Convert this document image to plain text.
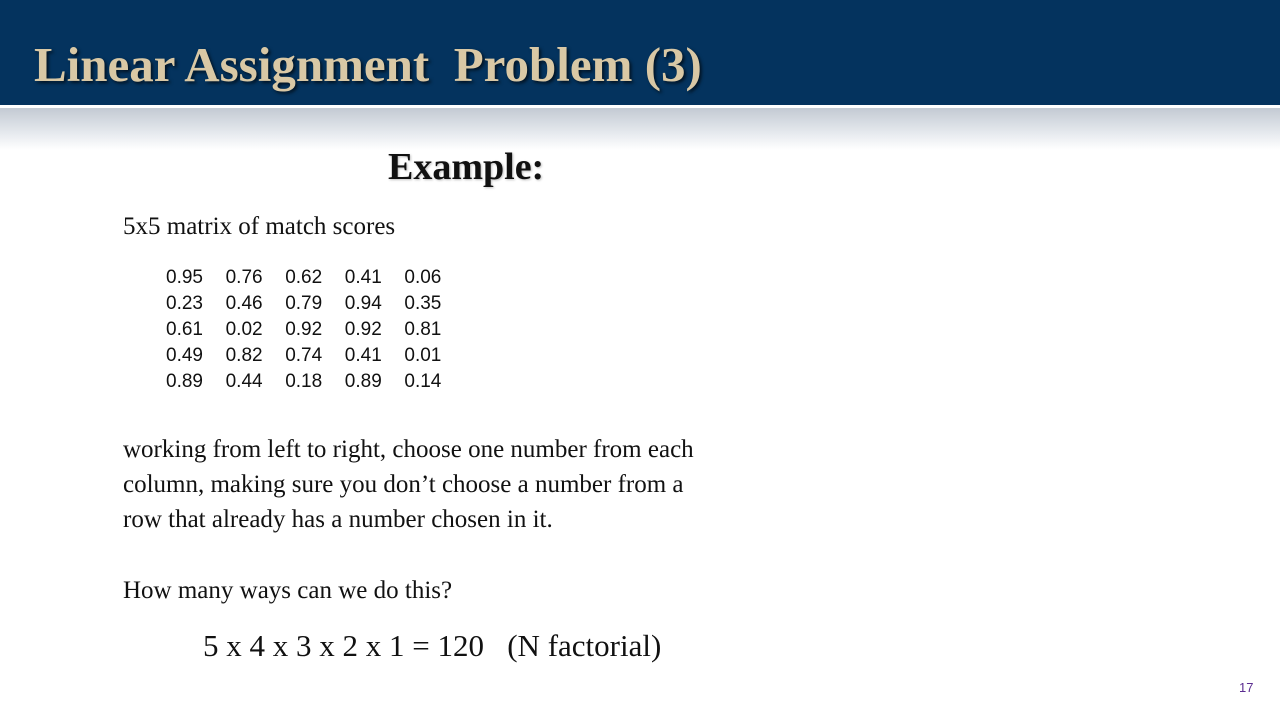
Linear Assignment  Problem (3)
Example:
5x5 matrix of match scores
0.95	0.76	0.62	0.41	0.06
0.23	0.46	0.79	0.94	0.35
0.61	0.02	0.92	0.92	0.81
0.49	0.82	0.74	0.41	0.01
0.89	0.44	0.18	0.89	0.14
working from left to right, choose one number from each
column, making sure you don’t choose a number from a
row that already has a number chosen in it.
How many ways can we do this?
5 x 4 x 3 x 2 x 1 = 120   (N factorial)
17
